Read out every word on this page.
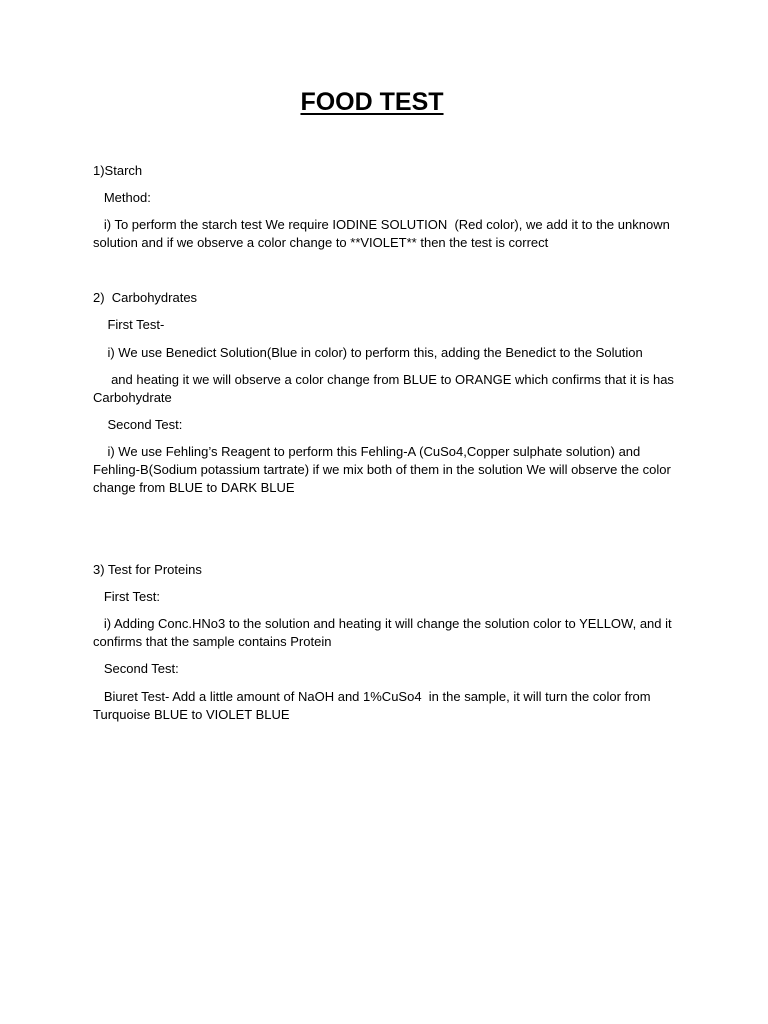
FOOD TEST
1)Starch
Method:
i) To perform the starch test We require IODINE SOLUTION  (Red color), we add it to the unknown solution and if we observe a color change to **VIOLET** then the test is correct
2)  Carbohydrates
First Test-
i) We use Benedict Solution(Blue in color) to perform this, adding the Benedict to the Solution
and heating it we will observe a color change from BLUE to ORANGE which confirms that it is has Carbohydrate
Second Test:
i) We use Fehling’s Reagent to perform this Fehling-A (CuSo4,Copper sulphate solution) and Fehling-B(Sodium potassium tartrate) if we mix both of them in the solution We will observe the color change from BLUE to DARK BLUE
3) Test for Proteins
First Test:
i) Adding Conc.HNo3 to the solution and heating it will change the solution color to YELLOW, and it confirms that the sample contains Protein
Second Test:
Biuret Test- Add a little amount of NaOH and 1%CuSo4  in the sample, it will turn the color from Turquoise BLUE to VIOLET BLUE
